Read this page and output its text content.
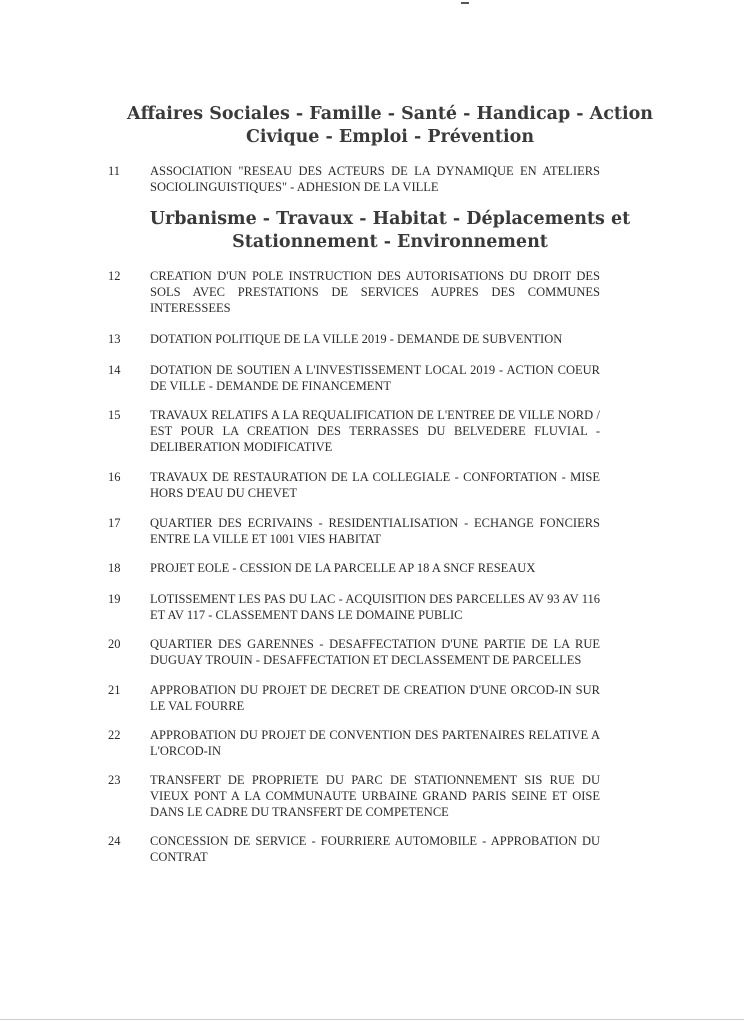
Affaires Sociales - Famille - Santé - Handicap - Action Civique - Emploi - Prévention
11	ASSOCIATION "RESEAU DES ACTEURS DE LA DYNAMIQUE EN ATELIERS SOCIOLINGUISTIQUES" - ADHESION DE LA VILLE
Urbanisme - Travaux - Habitat - Déplacements et Stationnement - Environnement
12	CREATION D'UN POLE INSTRUCTION DES AUTORISATIONS DU DROIT DES SOLS AVEC PRESTATIONS DE SERVICES AUPRES DES COMMUNES INTERESSEES
13	DOTATION POLITIQUE DE LA VILLE 2019 - DEMANDE DE SUBVENTION
14	DOTATION DE SOUTIEN A L'INVESTISSEMENT LOCAL 2019 - ACTION COEUR DE VILLE - DEMANDE DE FINANCEMENT
15	TRAVAUX RELATIFS A LA REQUALIFICATION DE L'ENTREE DE VILLE NORD / EST POUR LA CREATION DES TERRASSES DU BELVEDERE FLUVIAL - DELIBERATION MODIFICATIVE
16	TRAVAUX DE RESTAURATION DE LA COLLEGIALE - CONFORTATION - MISE HORS D'EAU DU CHEVET
17	QUARTIER DES ECRIVAINS - RESIDENTIALISATION - ECHANGE FONCIERS ENTRE LA VILLE ET 1001 VIES HABITAT
18	PROJET EOLE - CESSION DE LA PARCELLE AP 18 A SNCF RESEAUX
19	LOTISSEMENT LES PAS DU LAC - ACQUISITION DES PARCELLES AV 93 AV 116 ET AV 117 - CLASSEMENT DANS LE DOMAINE PUBLIC
20	QUARTIER DES GARENNES - DESAFFECTATION D'UNE PARTIE DE LA RUE DUGUAY TROUIN - DESAFFECTATION ET DECLASSEMENT DE PARCELLES
21	APPROBATION DU PROJET DE DECRET DE CREATION D'UNE ORCOD-IN SUR LE VAL FOURRE
22	APPROBATION DU PROJET DE CONVENTION DES PARTENAIRES RELATIVE A L'ORCOD-IN
23	TRANSFERT DE PROPRIETE DU PARC DE STATIONNEMENT SIS RUE DU VIEUX PONT A LA COMMUNAUTE URBAINE GRAND PARIS SEINE ET OISE DANS LE CADRE DU TRANSFERT DE COMPETENCE
24	CONCESSION DE SERVICE - FOURRIERE AUTOMOBILE - APPROBATION DU CONTRAT
